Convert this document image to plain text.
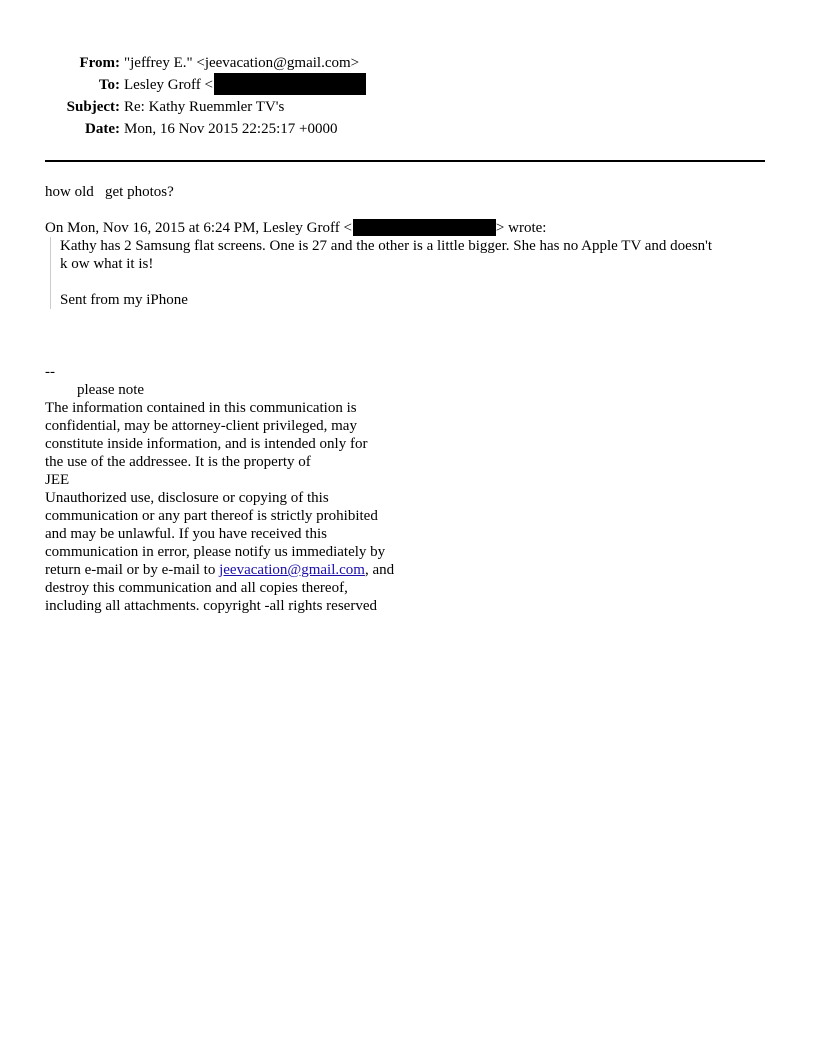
From: "jeffrey E." <jeevacation@gmail.com>
To: Lesley Groff <
Subject: Re: Kathy Ruemmler TV's
Date: Mon, 16 Nov 2015 22:25:17 +0000
how old   get photos?
On Mon, Nov 16, 2015 at 6:24 PM, Lesley Groff <	> wrote:
Kathy has 2 Samsung flat screens. One is 27 and the other is a little bigger. She has no Apple TV and doesn't
k ow what it is!
Sent from my iPhone
--
please note
The information contained in this communication is
confidential, may be attorney-client privileged, may
constitute inside information, and is intended only for
the use of the addressee. It is the property of
JEE
Unauthorized use, disclosure or copying of this
communication or any part thereof is strictly prohibited
and may be unlawful. If you have received this
communication in error, please notify us immediately by
return e-mail or by e-mail to jeevacation@gmail.com, and
destroy this communication and all copies thereof,
including all attachments. copyright -all rights reserved
